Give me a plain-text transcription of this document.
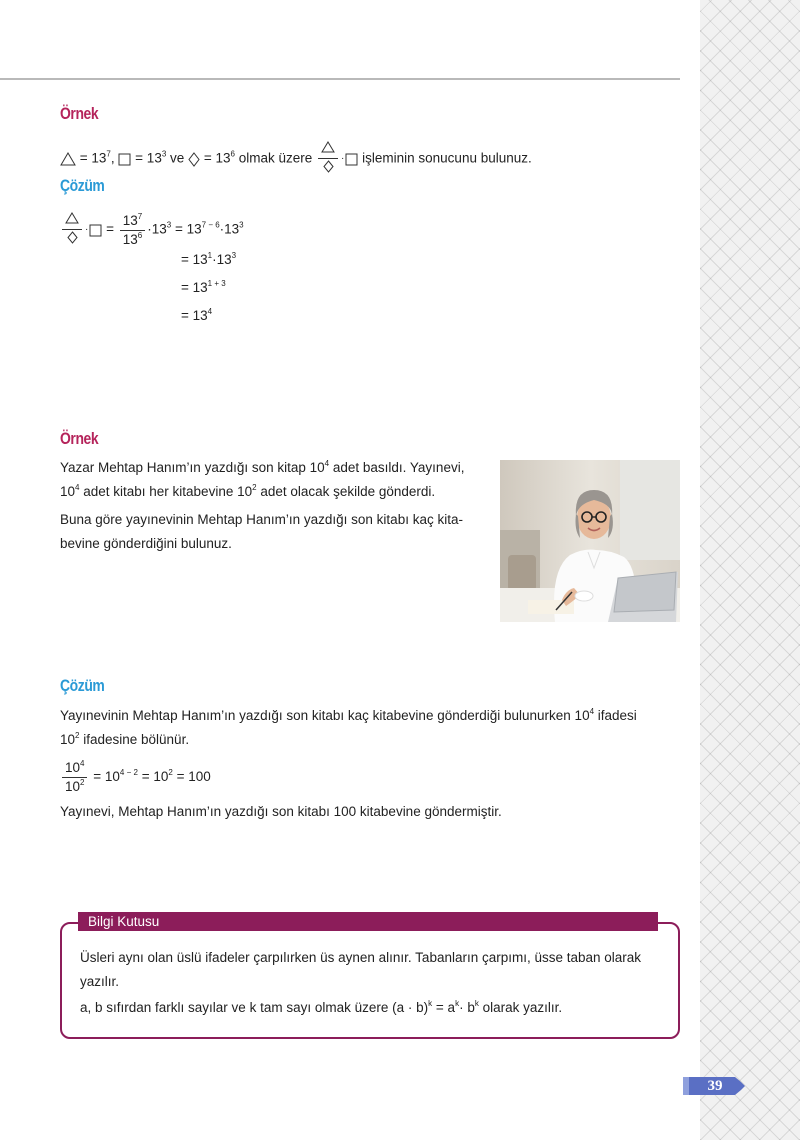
Örnek
= $13^7$, = $13^3$ ve = $13^6$ olmak üzere	· işleminin sonucunu bulunuz.
Çözüm
· = $\frac{13^7}{13^6} \cdot 13^3 = 13^{7 - 6}\cdot 13^3$
= $13^1\cdot 13^3$
= $13^{1 + 3}$
= $13^4$
Örnek
Yazar Mehtap Hanım’ın yazdığı son kitap $10^4$ adet basıldı. Yayınevi,
$10^4$ adet kitabı her kitabevine $10^2$ adet olacak şekilde gönderdi.
Buna göre yayınevinin Mehtap Hanım’ın yazdığı son kitabı kaç kita-
bevine gönderdiğini bulunuz.
Çözüm
Yayınevinin Mehtap Hanım’ın yazdığı son kitabı kaç kitabevine gönderdiği bulunurken $10^4$ ifadesi
$10^2$ ifadesine bölünür.
$\frac{10^4}{10^2} = 10^{4 - 2} = 10^2 = 100$
Yayınevi, Mehtap Hanım’ın yazdığı son kitabı 100 kitabevine göndermiştir.
Bilgi Kutusu
Üsleri aynı olan üslü ifadeler çarpılırken üs aynen alınır. Tabanların çarpımı, üsse taban olarak
yazılır.
a, b sıfırdan farklı sayılar ve k tam sayı olmak üzere $(a \cdot b)^k = a^k\cdot b^k$ olarak yazılır.
39
